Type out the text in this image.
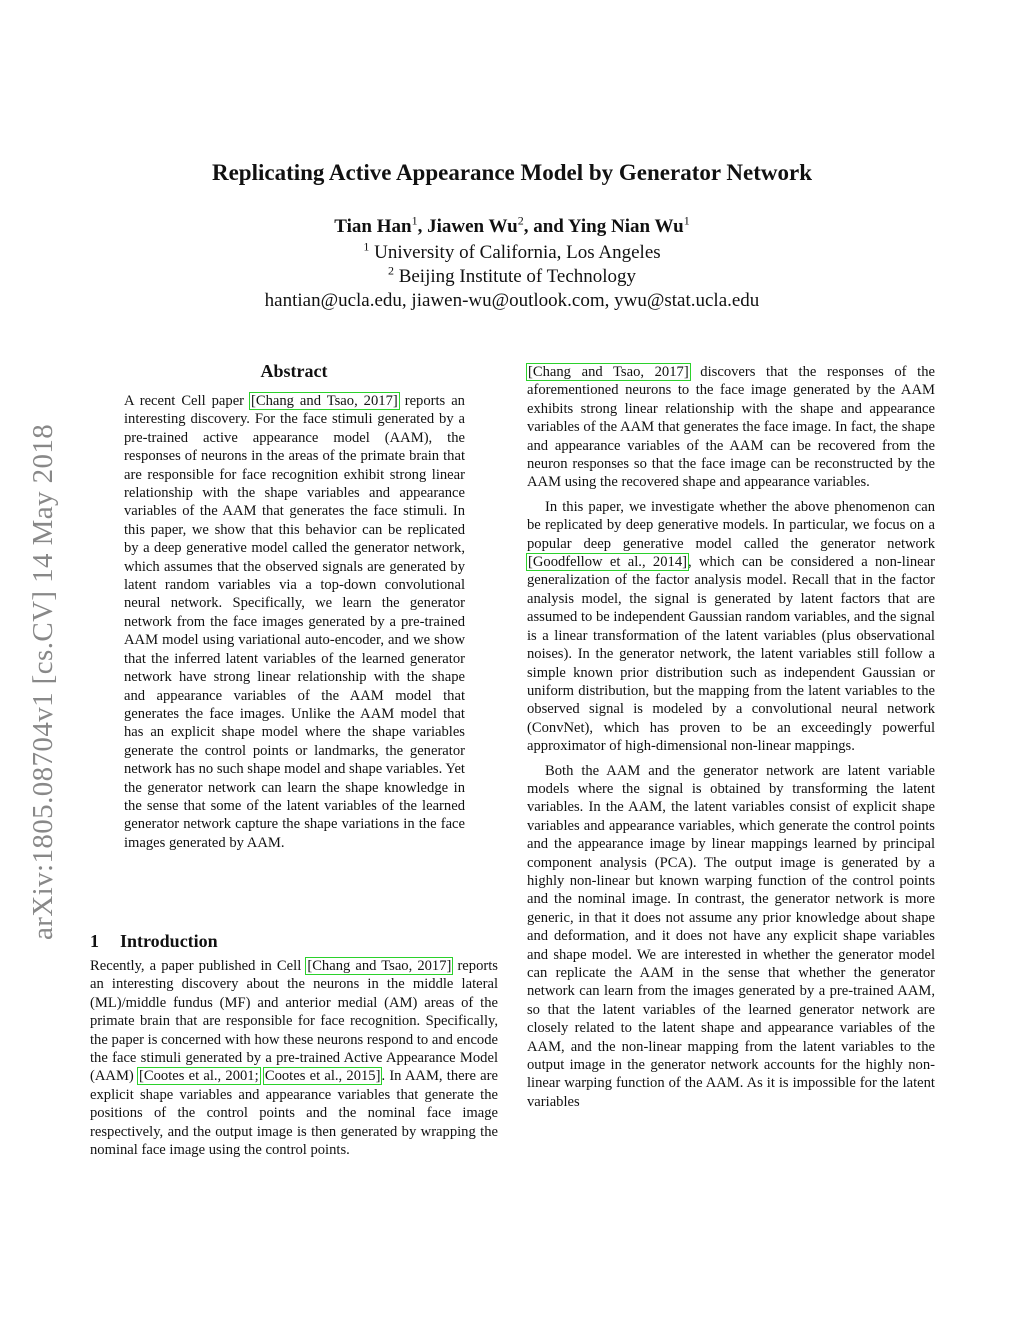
Replicating Active Appearance Model by Generator Network
Tian Han$^1$, Jiawen Wu$^2$, and Ying Nian Wu$^1$
$^1$ University of California, Los Angeles
$^2$ Beijing Institute of Technology
hantian@ucla.edu, jiawen-wu@outlook.com, ywu@stat.ucla.edu
arXiv:1805.08704v1 [cs.CV] 14 May 2018
Abstract
A recent Cell paper [Chang and Tsao, 2017] reports an interesting discovery. For the face stimuli generated by a pre-trained active appearance model (AAM), the responses of neurons in the areas of the primate brain that are responsible for face recognition exhibit strong linear relationship with the shape variables and appearance variables of the AAM that generates the face stimuli. In this paper, we show that this behavior can be replicated by a deep generative model called the generator network, which assumes that the observed signals are generated by latent random variables via a top-down convolutional neural network. Specifically, we learn the generator network from the face images generated by a pre-trained AAM model using variational auto-encoder, and we show that the inferred latent variables of the learned generator network have strong linear relationship with the shape and appearance variables of the AAM model that generates the face images. Unlike the AAM model that has an explicit shape model where the shape variables generate the control points or landmarks, the generator network has no such shape model and shape variables. Yet the generator network can learn the shape knowledge in the sense that some of the latent variables of the learned generator network capture the shape variations in the face images generated by AAM.
1 Introduction
Recently, a paper published in Cell [Chang and Tsao, 2017] reports an interesting discovery about the neurons in the middle lateral (ML)/middle fundus (MF) and anterior medial (AM) areas of the primate brain that are responsible for face recognition. Specifically, the paper is concerned with how these neurons respond to and encode the face stimuli generated by a pre-trained Active Appearance Model (AAM) [Cootes et al., 2001; Cootes et al., 2015]. In AAM, there are explicit shape variables and appearance variables that generate the positions of the control points and the nominal face image respectively, and the output image is then generated by wrapping the nominal face image using the control points.

[Chang and Tsao, 2017] discovers that the responses of the aforementioned neurons to the face image generated by the AAM exhibits strong linear relationship with the shape and appearance variables of the AAM that generates the face image. In fact, the shape and appearance variables of the AAM can be recovered from the neuron responses so that the face image can be reconstructed by the AAM using the recovered shape and appearance variables.

In this paper, we investigate whether the above phenomenon can be replicated by deep generative models. In particular, we focus on a popular deep generative model called the generator network [Goodfellow et al., 2014], which can be considered a non-linear generalization of the factor analysis model. Recall that in the factor analysis model, the signal is generated by latent factors that are assumed to be independent Gaussian random variables, and the signal is a linear transformation of the latent variables (plus observational noises). In the generator network, the latent variables still follow a simple known prior distribution such as independent Gaussian or uniform distribution, but the mapping from the latent variables to the observed signal is modeled by a convolutional neural network (ConvNet), which has proven to be an exceedingly powerful approximator of high-dimensional non-linear mappings.

Both the AAM and the generator network are latent variable models where the signal is obtained by transforming the latent variables. In the AAM, the latent variables consist of explicit shape variables and appearance variables, which generate the control points and the appearance image by linear mappings learned by principal component analysis (PCA). The output image is generated by a highly non-linear but known warping function of the control points and the nominal image. In contrast, the generator network is more generic, in that it does not assume any prior knowledge about shape and deformation, and it does not have any explicit shape variables and shape model. We are interested in whether the generator model can replicate the AAM in the sense that whether the generator network can learn from the images generated by a pre-trained AAM, so that the latent variables of the learned generator network are closely related to the latent shape and appearance variables of the AAM, and the non-linear mapping from the latent variables to the output image in the generator network accounts for the highly non-linear warping function of the AAM. As it is impossible for the latent variables
